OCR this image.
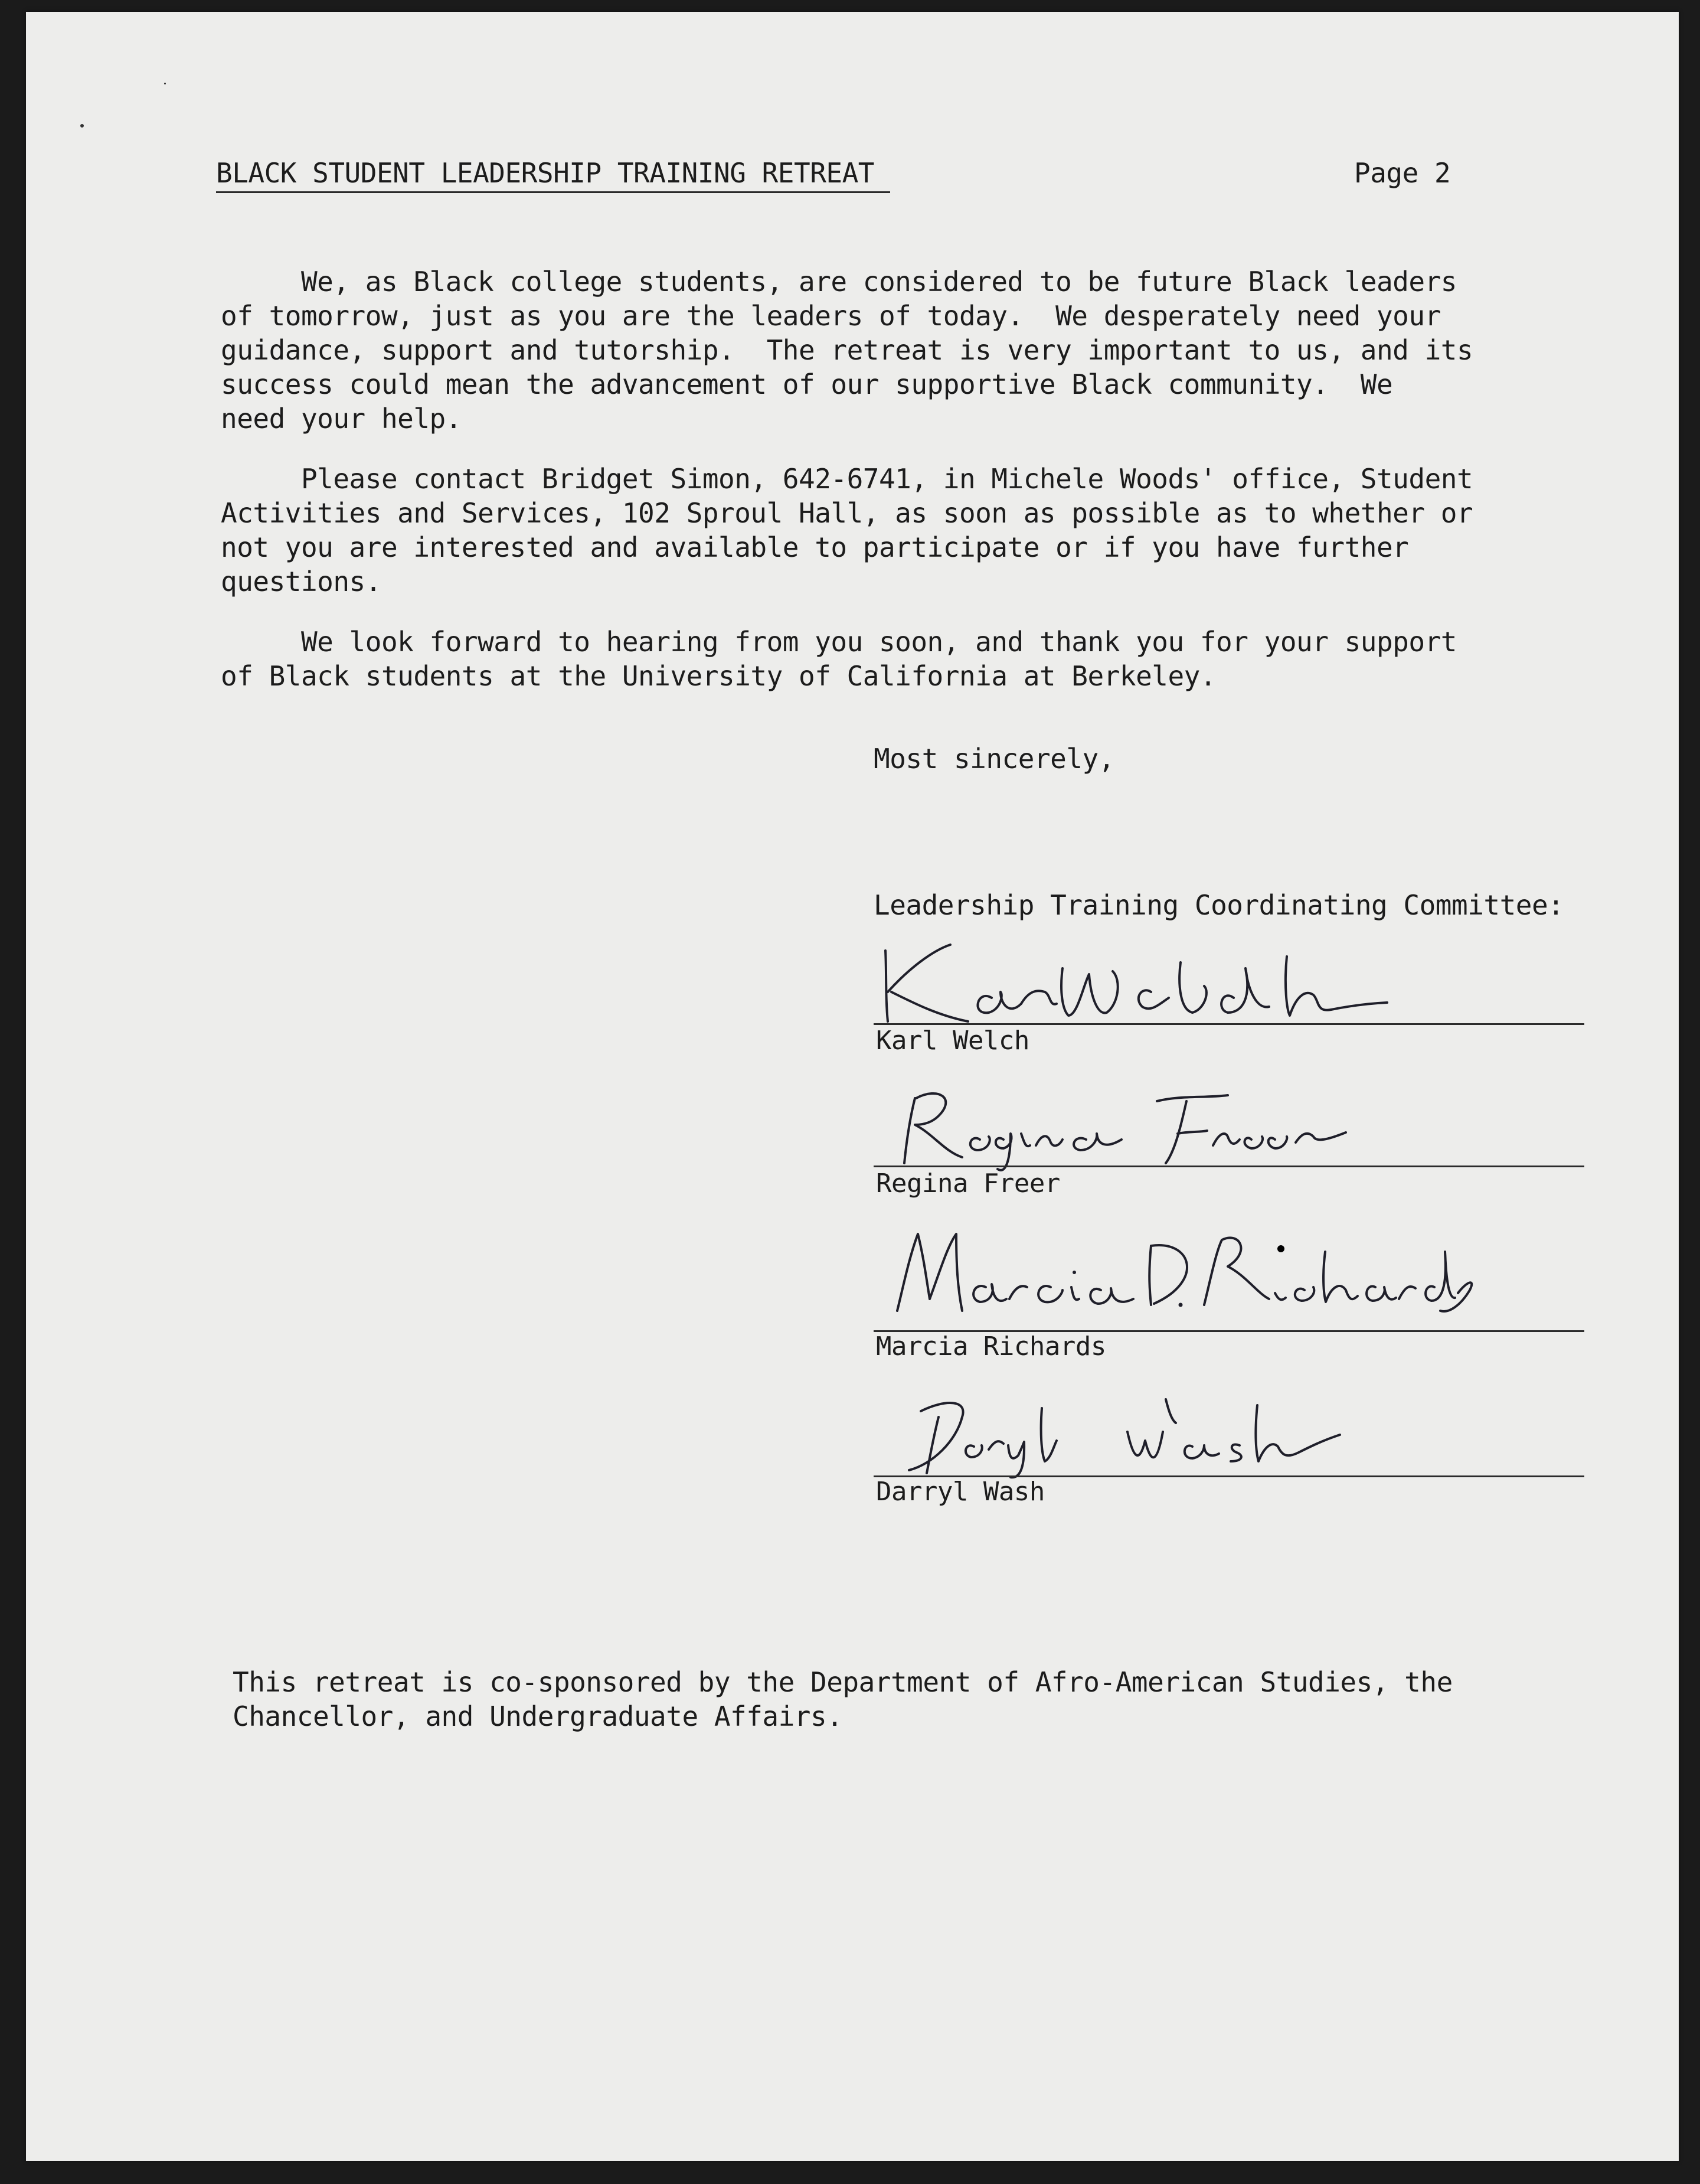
BLACK STUDENT LEADERSHIP TRAINING RETREAT	Page 2
We, as Black college students, are considered to be future Black leaders
of tomorrow, just as you are the leaders of today.  We desperately need your
guidance, support and tutorship.  The retreat is very important to us, and its
success could mean the advancement of our supportive Black community.  We
need your help.
Please contact Bridget Simon, 642-6741, in Michele Woods' office, Student
Activities and Services, 102 Sproul Hall, as soon as possible as to whether or
not you are interested and available to participate or if you have further
questions.
We look forward to hearing from you soon, and thank you for your support
of Black students at the University of California at Berkeley.
Most sincerely,
Leadership Training Coordinating Committee:
Karl Welch
Regina Freer
Marcia Richards
Darryl Wash
This retreat is co-sponsored by the Department of Afro-American Studies, the
Chancellor, and Undergraduate Affairs.
